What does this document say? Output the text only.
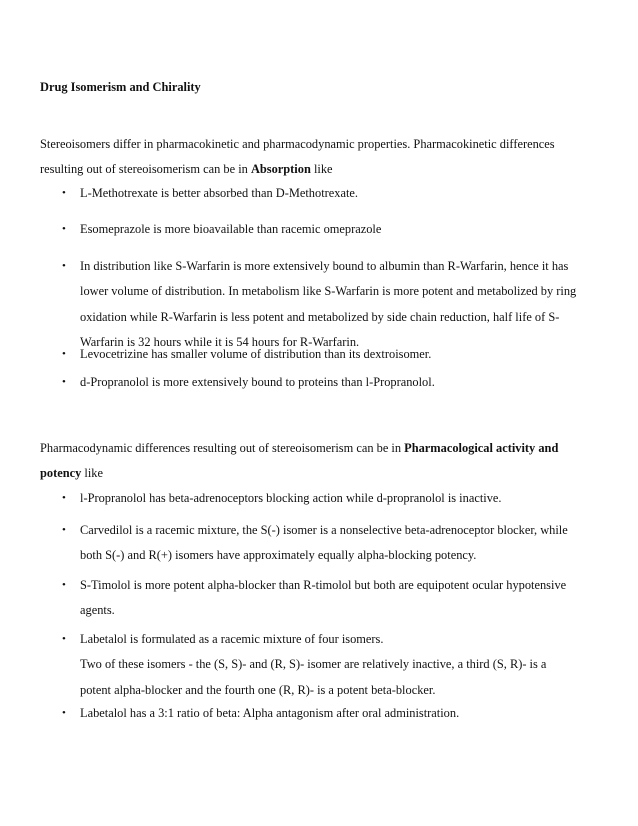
Drug Isomerism and Chirality
Stereoisomers differ in pharmacokinetic and pharmacodynamic properties. Pharmacokinetic differences
resulting out of stereoisomerism can be in Absorption like
• L-Methotrexate is better absorbed than D-Methotrexate.
• Esomeprazole is more bioavailable than racemic omeprazole
• In distribution like S-Warfarin is more extensively bound to albumin than R-Warfarin, hence it has
lower volume of distribution. In metabolism like S-Warfarin is more potent and metabolized by ring
oxidation while R-Warfarin is less potent and metabolized by side chain reduction, half life of S-
Warfarin is 32 hours while it is 54 hours for R-Warfarin.
• Levocetrizine has smaller volume of distribution than its dextroisomer.
• d-Propranolol is more extensively bound to proteins than l-Propranolol.
Pharmacodynamic differences resulting out of stereoisomerism can be in Pharmacological activity and
potency like
• l-Propranolol has beta-adrenoceptors blocking action while d-propranolol is inactive.
• Carvedilol is a racemic mixture, the S(-) isomer is a nonselective beta-adrenoceptor blocker, while
both S(-) and R(+) isomers have approximately equally alpha-blocking potency.
• S-Timolol is more potent alpha-blocker than R-timolol but both are equipotent ocular hypotensive
agents.
• Labetalol is formulated as a racemic mixture of four isomers.
Two of these isomers - the (S, S)- and (R, S)- isomer are relatively inactive, a third (S, R)- is a
potent alpha-blocker and the fourth one (R, R)- is a potent beta-blocker.
• Labetalol has a 3:1 ratio of beta: Alpha antagonism after oral administration.
